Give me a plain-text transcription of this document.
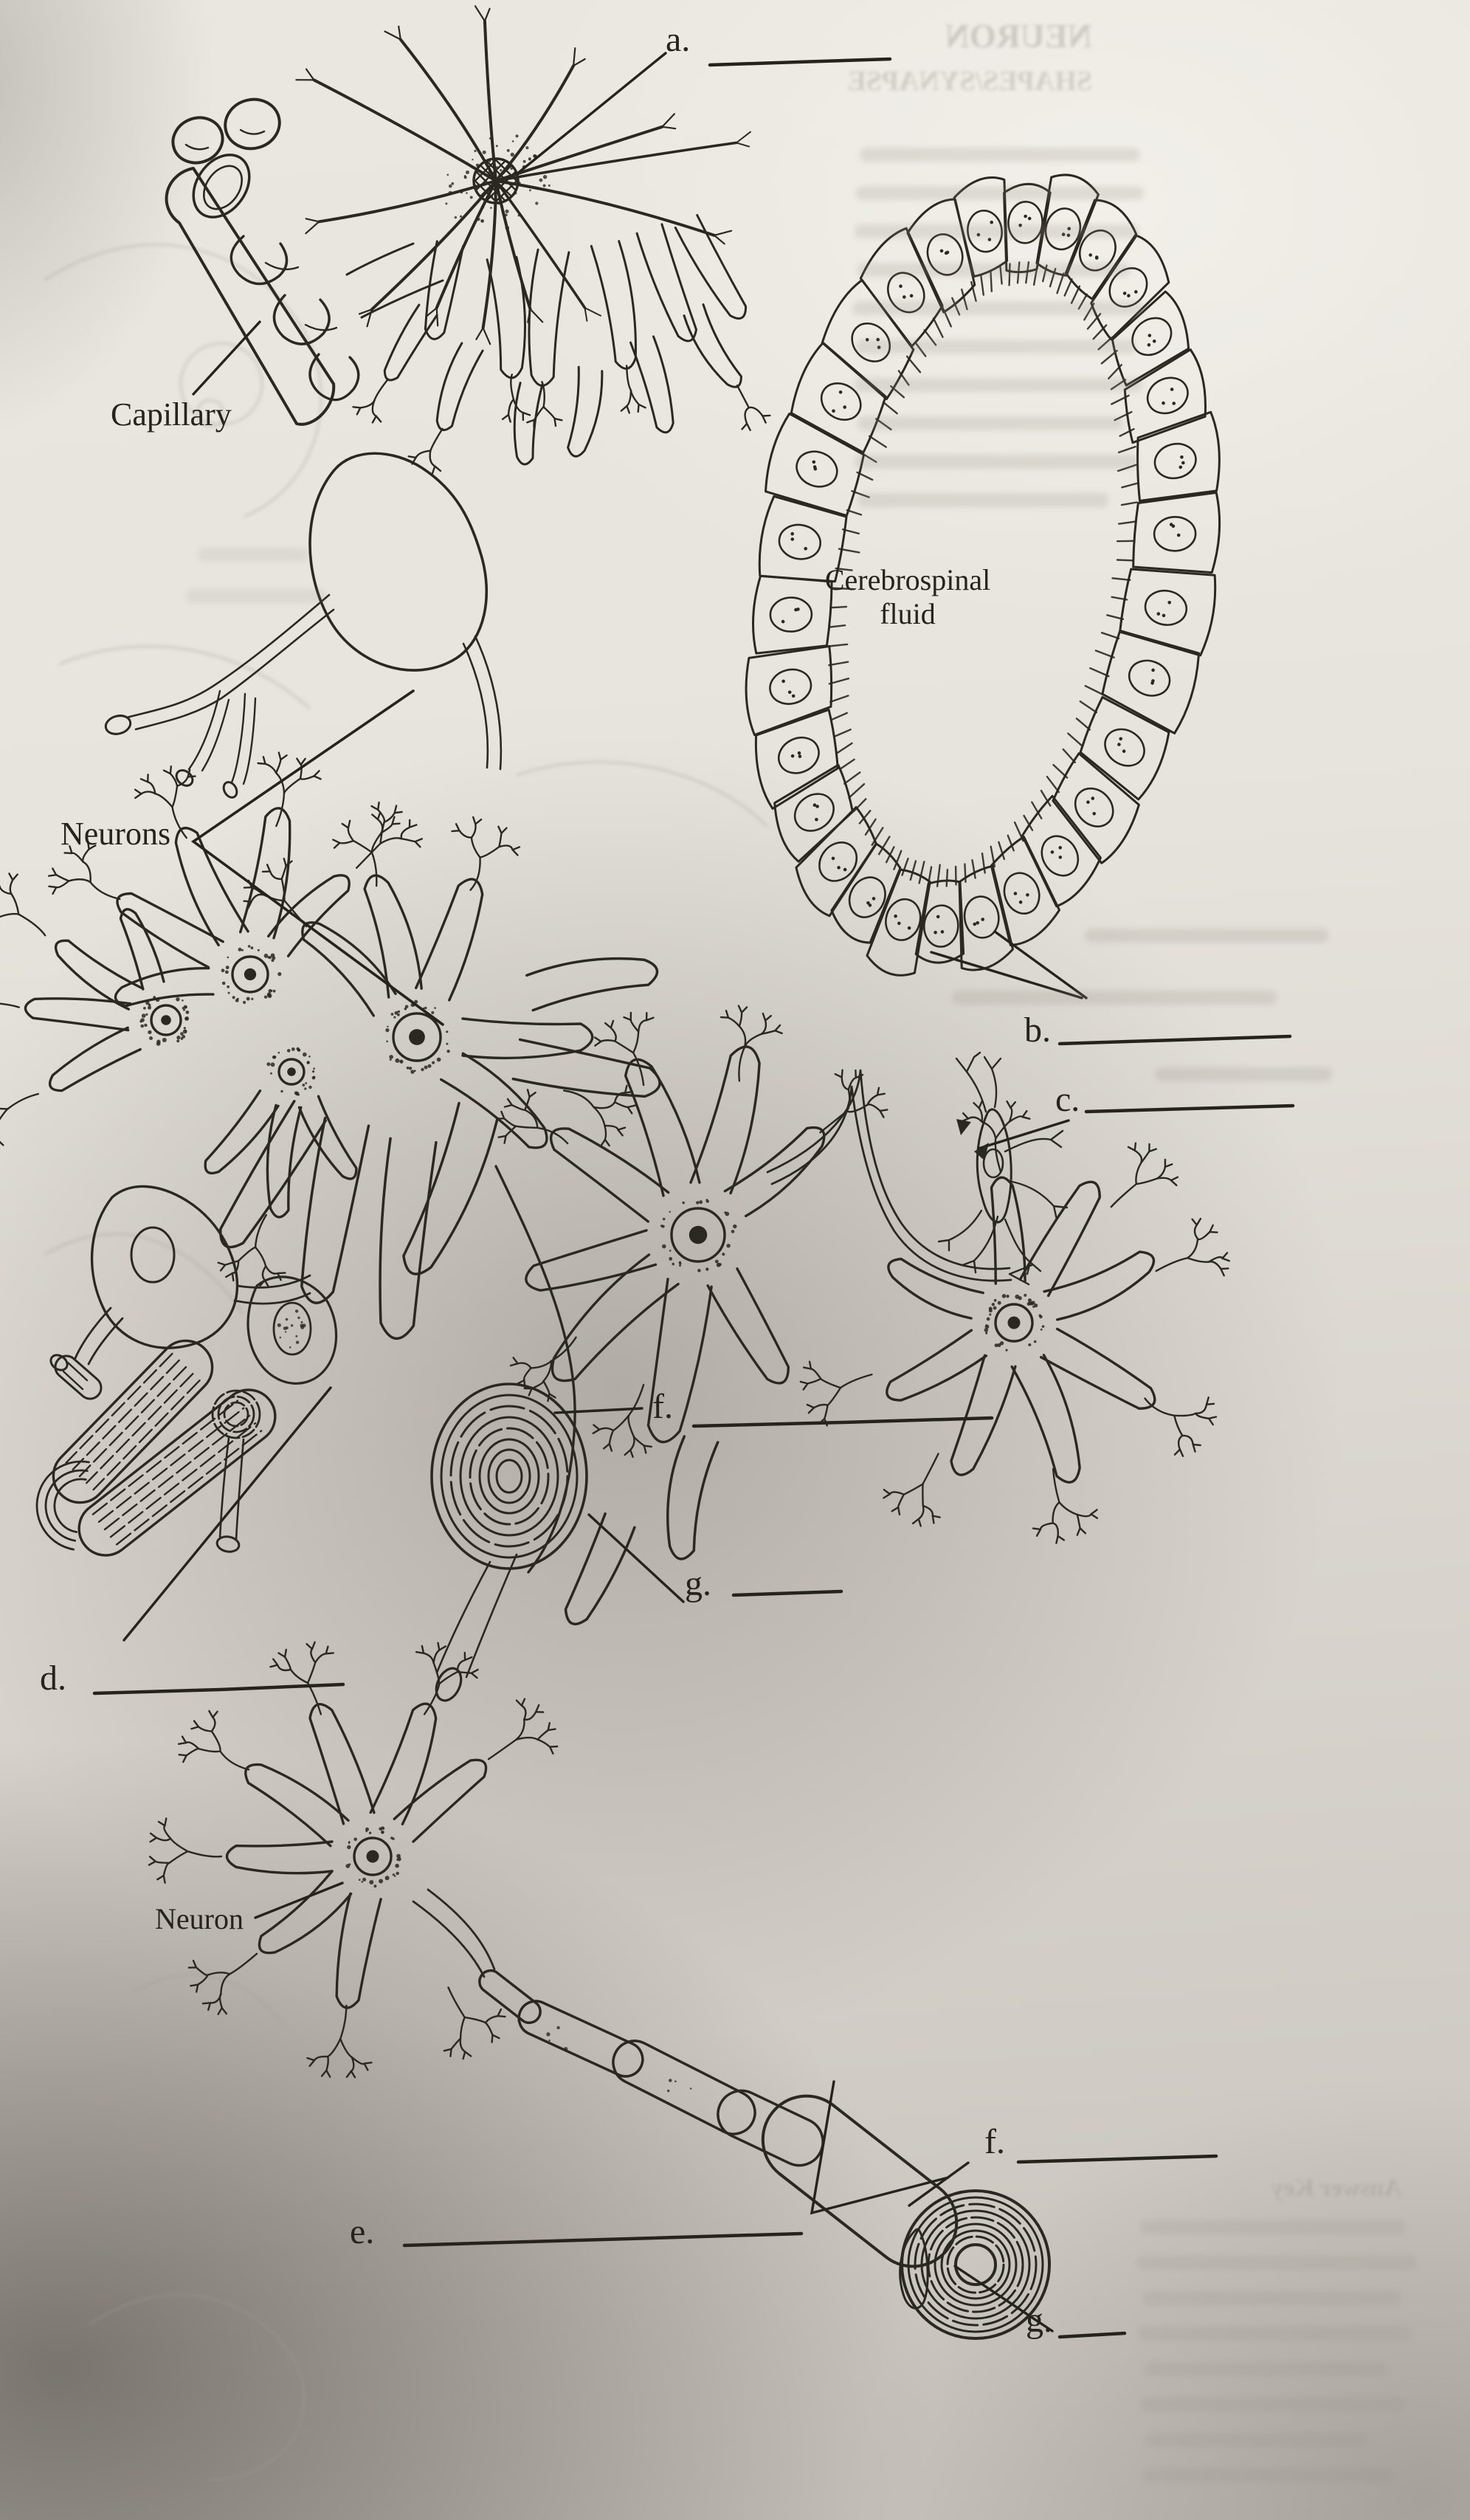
a.
b.
c.
d.
e.
f.
g.
f.
g.
Capillary
Neurons
Neuron
Cerebrospinal
fluid
NEURON
SHAPES/SYNAPSE
Answer Key
